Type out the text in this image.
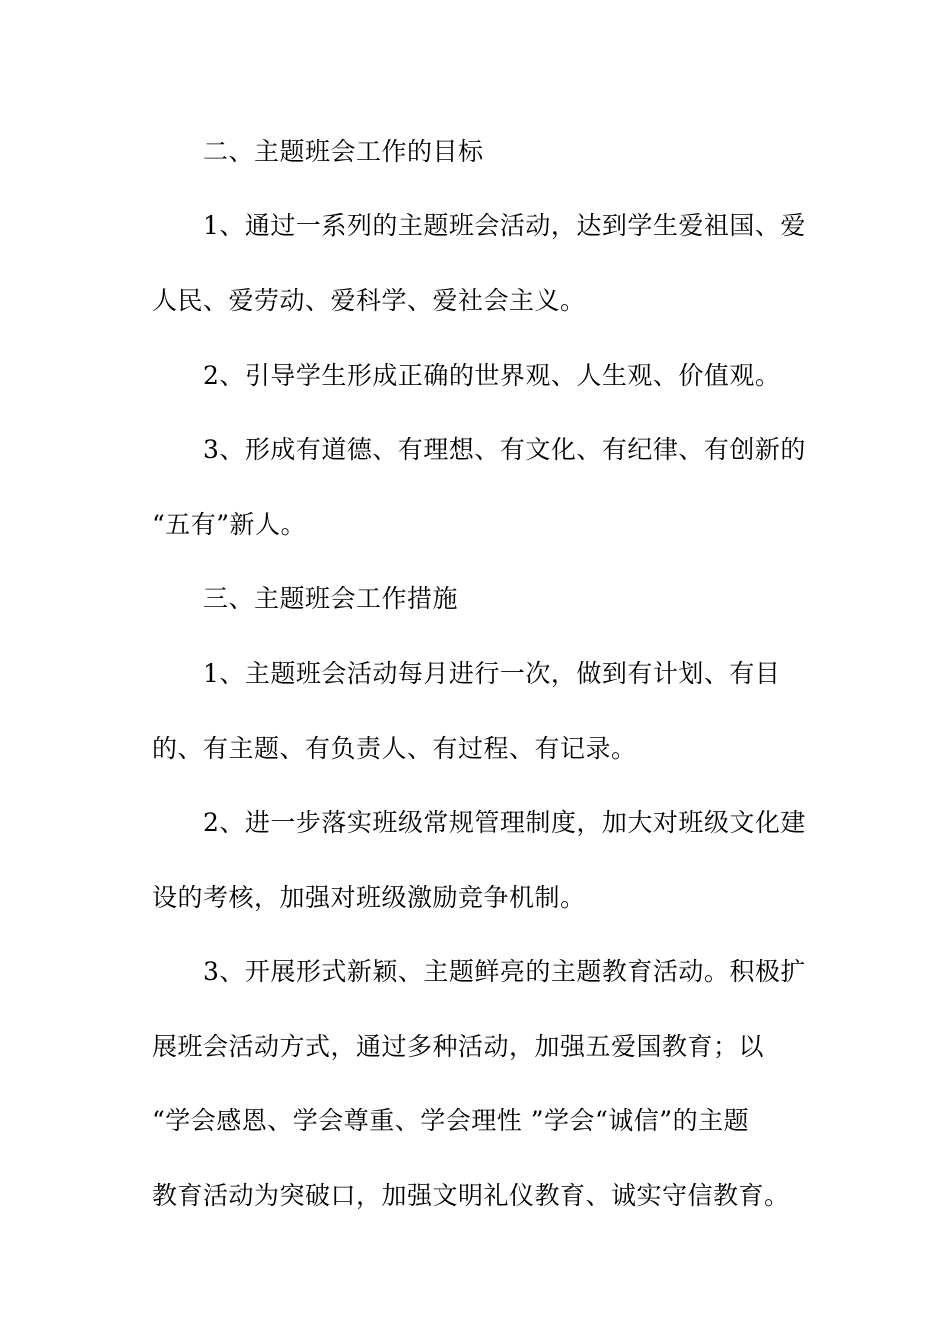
二、主题班会工作的目标
1、通过一系列的主题班会活动，达到学生爱祖国、爱
人民、爱劳动、爱科学、爱社会主义。
2、引导学生形成正确的世界观、人生观、价值观。
3、形成有道德、有理想、有文化、有纪律、有创新的
“五有”新人。
三、主题班会工作措施
1、主题班会活动每月进行一次，做到有计划、有目
的、有主题、有负责人、有过程、有记录。
2、进一步落实班级常规管理制度，加大对班级文化建
设的考核，加强对班级激励竞争机制。
3、开展形式新颖、主题鲜亮的主题教育活动。积极扩
展班会活动方式，通过多种活动，加强五爱国教育；以
“学会感恩、学会尊重、学会理性 ”学会“诚信”的主题
教育活动为突破口，加强文明礼仪教育、诚实守信教育。
